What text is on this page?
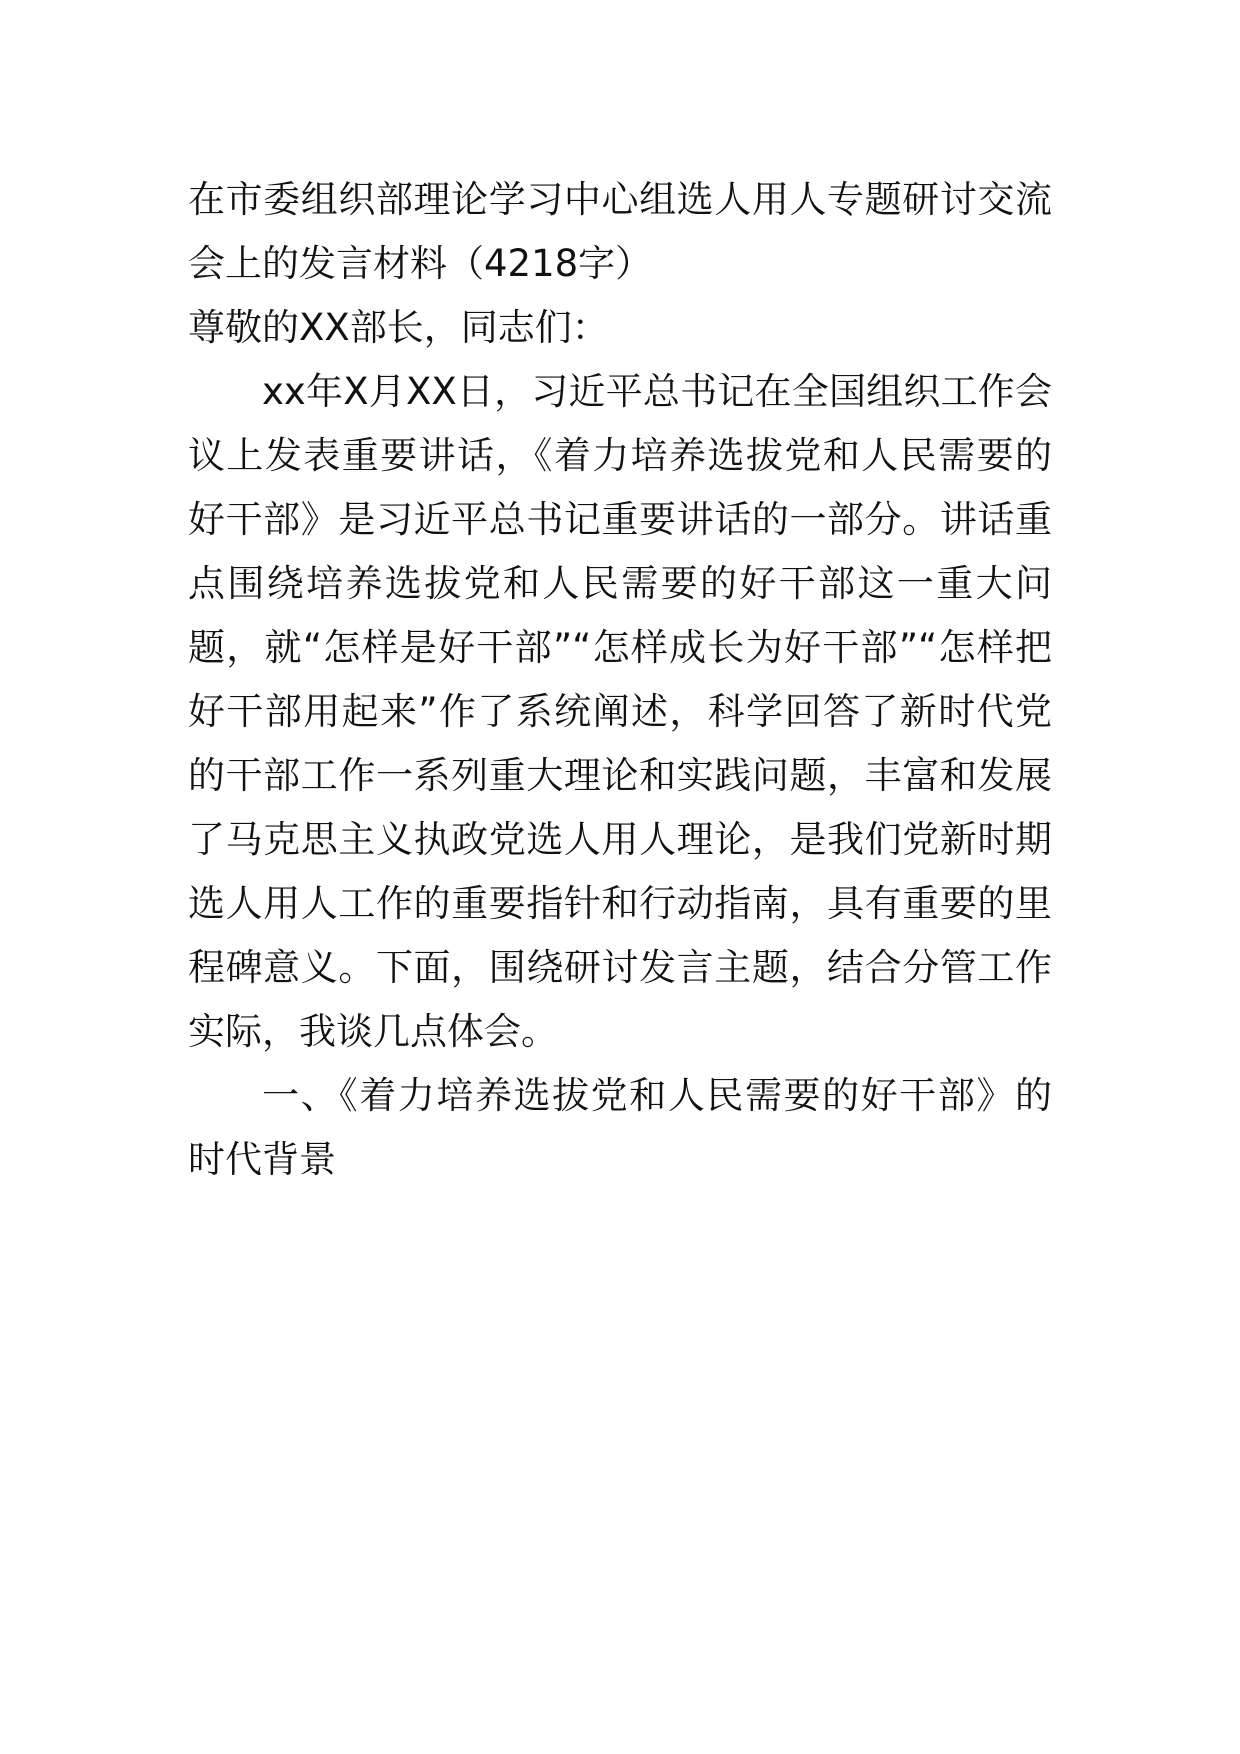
在市委组织部理论学习中心组选人用人专题研讨交流会上的发言材料（4218字）

尊敬的XX部长，同志们：

xx年X月XX日，习近平总书记在全国组织工作会议上发表重要讲话，《着力培养选拔党和人民需要的好干部》是习近平总书记重要讲话的一部分。讲话重点围绕培养选拔党和人民需要的好干部这一重大问题，就“怎样是好干部”“怎样成长为好干部”“怎样把好干部用起来”作了系统阐述，科学回答了新时代党的干部工作一系列重大理论和实践问题，丰富和发展了马克思主义执政党选人用人理论，是我们党新时期选人用人工作的重要指针和行动指南，具有重要的里程碑意义。下面，围绕研讨发言主题，结合分管工作实际，我谈几点体会。

一、《着力培养选拔党和人民需要的好干部》的时代背景
